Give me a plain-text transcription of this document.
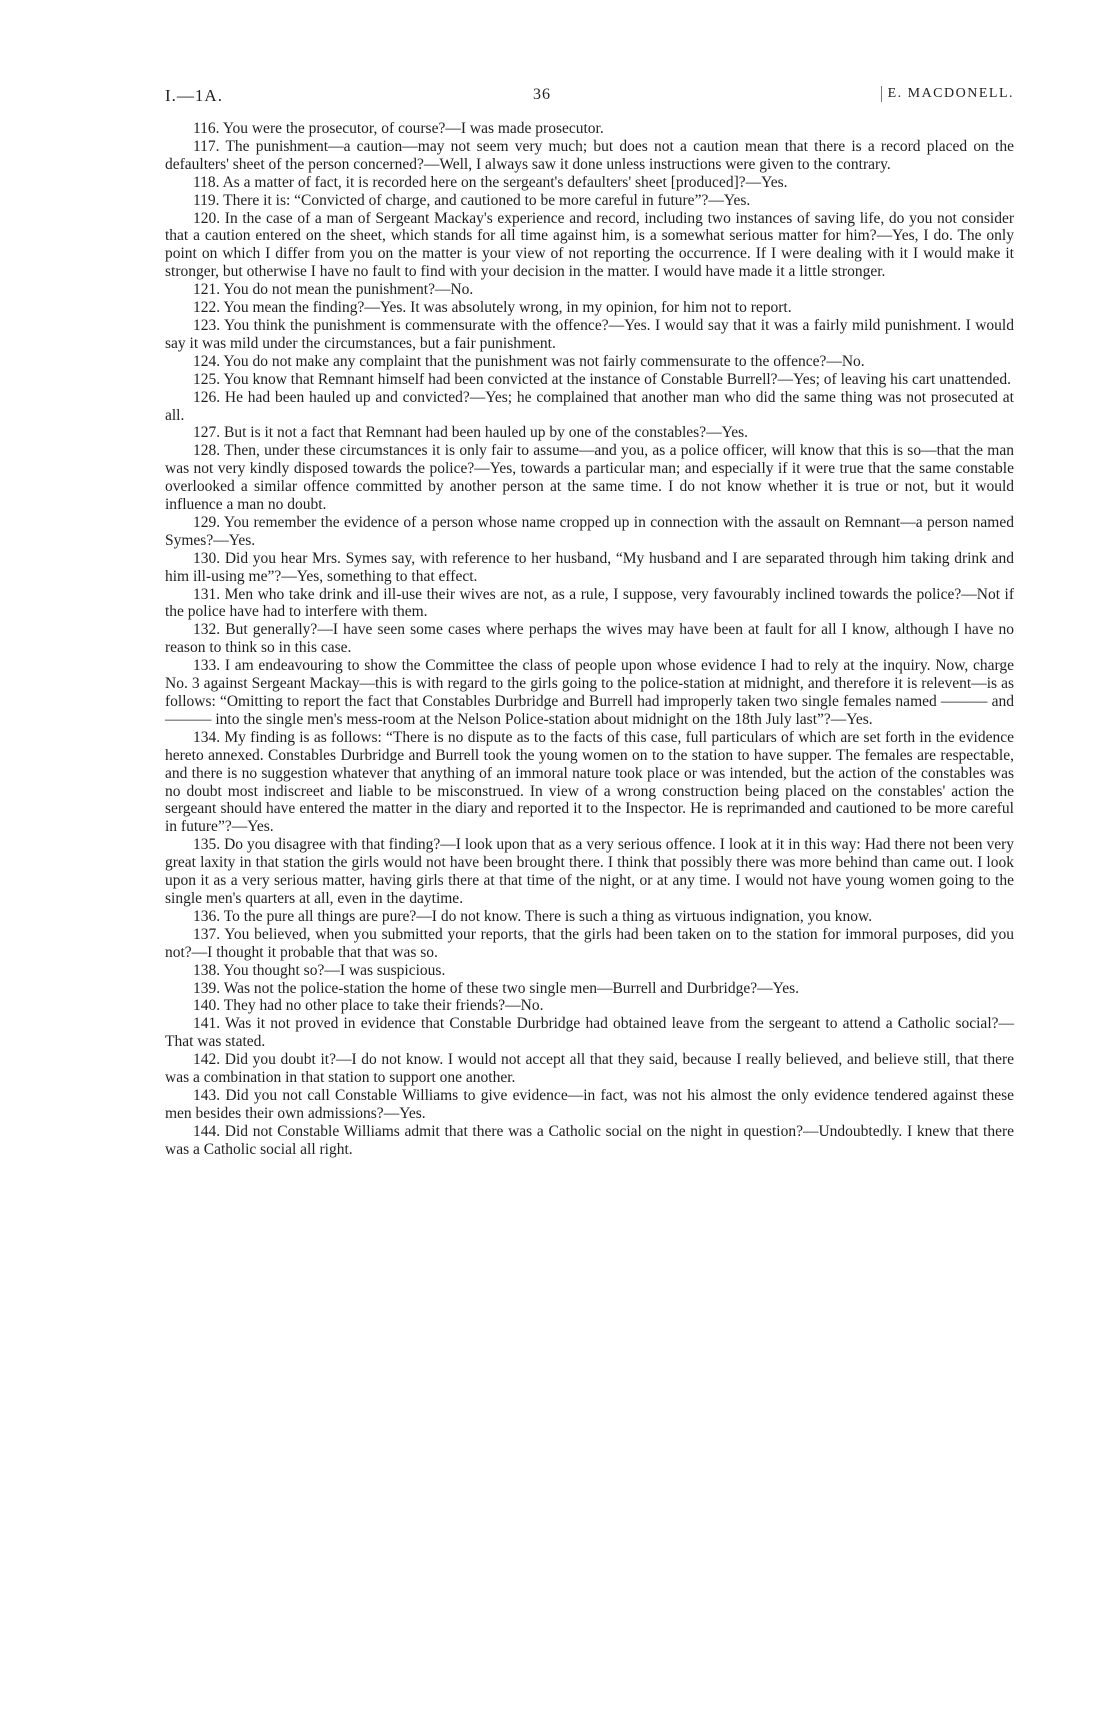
I.—1A.	36	E. MACDONELL.

116. You were the prosecutor, of course?—I was made prosecutor.

117. The punishment—a caution—may not seem very much; but does not a caution mean that there is a record placed on the defaulters' sheet of the person concerned?—Well, I always saw it done unless instructions were given to the contrary.

118. As a matter of fact, it is recorded here on the sergeant's defaulters' sheet [produced]?—Yes.

119. There it is: “Convicted of charge, and cautioned to be more careful in future”?—Yes.

120. In the case of a man of Sergeant Mackay's experience and record, including two instances of saving life, do you not consider that a caution entered on the sheet, which stands for all time against him, is a somewhat serious matter for him?—Yes, I do. The only point on which I differ from you on the matter is your view of not reporting the occurrence. If I were dealing with it I would make it stronger, but otherwise I have no fault to find with your decision in the matter. I would have made it a little stronger.

121. You do not mean the punishment?—No.

122. You mean the finding?—Yes. It was absolutely wrong, in my opinion, for him not to report.

123. You think the punishment is commensurate with the offence?—Yes. I would say that it was a fairly mild punishment. I would say it was mild under the circumstances, but a fair punishment.

124. You do not make any complaint that the punishment was not fairly commensurate to the offence?—No.

125. You know that Remnant himself had been convicted at the instance of Constable Burrell?—Yes; of leaving his cart unattended.

126. He had been hauled up and convicted?—Yes; he complained that another man who did the same thing was not prosecuted at all.

127. But is it not a fact that Remnant had been hauled up by one of the constables?—Yes.

128. Then, under these circumstances it is only fair to assume—and you, as a police officer, will know that this is so—that the man was not very kindly disposed towards the police?—Yes, towards a particular man; and especially if it were true that the same constable overlooked a similar offence committed by another person at the same time. I do not know whether it is true or not, but it would influence a man no doubt.

129. You remember the evidence of a person whose name cropped up in connection with the assault on Remnant—a person named Symes?—Yes.

130. Did you hear Mrs. Symes say, with reference to her husband, “My husband and I are separated through him taking drink and him ill-using me”?—Yes, something to that effect.

131. Men who take drink and ill-use their wives are not, as a rule, I suppose, very favourably inclined towards the police?—Not if the police have had to interfere with them.

132. But generally?—I have seen some cases where perhaps the wives may have been at fault for all I know, although I have no reason to think so in this case.

133. I am endeavouring to show the Committee the class of people upon whose evidence I had to rely at the inquiry. Now, charge No. 3 against Sergeant Mackay—this is with regard to the girls going to the police-station at midnight, and therefore it is relevent—is as follows: “Omitting to report the fact that Constables Durbridge and Burrell had improperly taken two single females named ——— and ——— into the single men's mess-room at the Nelson Police-station about midnight on the 18th July last”?—Yes.

134. My finding is as follows: “There is no dispute as to the facts of this case, full particulars of which are set forth in the evidence hereto annexed. Constables Durbridge and Burrell took the young women on to the station to have supper. The females are respectable, and there is no suggestion whatever that anything of an immoral nature took place or was intended, but the action of the constables was no doubt most indiscreet and liable to be misconstrued. In view of a wrong construction being placed on the constables' action the sergeant should have entered the matter in the diary and reported it to the Inspector. He is reprimanded and cautioned to be more careful in future”?—Yes.

135. Do you disagree with that finding?—I look upon that as a very serious offence. I look at it in this way: Had there not been very great laxity in that station the girls would not have been brought there. I think that possibly there was more behind than came out. I look upon it as a very serious matter, having girls there at that time of the night, or at any time. I would not have young women going to the single men's quarters at all, even in the daytime.

136. To the pure all things are pure?—I do not know. There is such a thing as virtuous indignation, you know.

137. You believed, when you submitted your reports, that the girls had been taken on to the station for immoral purposes, did you not?—I thought it probable that that was so.

138. You thought so?—I was suspicious.

139. Was not the police-station the home of these two single men—Burrell and Durbridge?—Yes.

140. They had no other place to take their friends?—No.

141. Was it not proved in evidence that Constable Durbridge had obtained leave from the sergeant to attend a Catholic social?—That was stated.

142. Did you doubt it?—I do not know. I would not accept all that they said, because I really believed, and believe still, that there was a combination in that station to support one another.

143. Did you not call Constable Williams to give evidence—in fact, was not his almost the only evidence tendered against these men besides their own admissions?—Yes.

144. Did not Constable Williams admit that there was a Catholic social on the night in question?—Undoubtedly. I knew that there was a Catholic social all right.
